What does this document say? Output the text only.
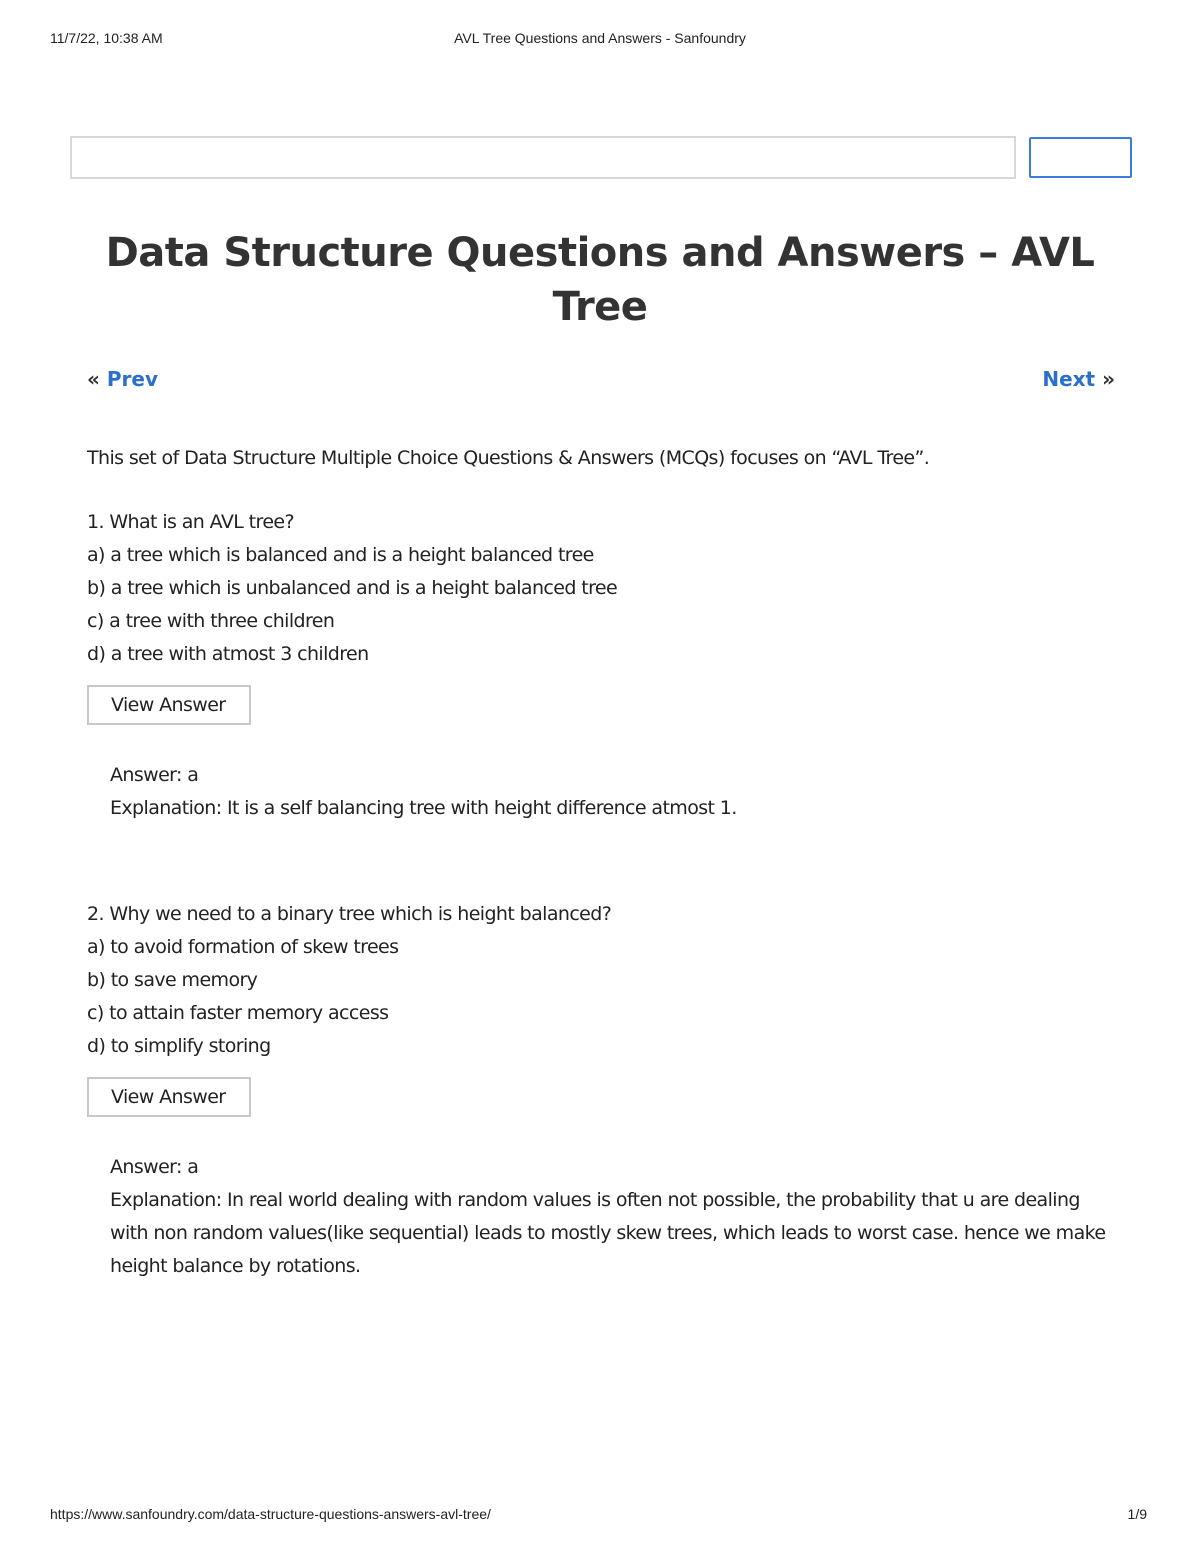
11/7/22, 10:38 AM	AVL Tree Questions and Answers - Sanfoundry
Data Structure Questions and Answers – AVL Tree
« Prev	Next »

This set of Data Structure Multiple Choice Questions & Answers (MCQs) focuses on “AVL Tree”.

1. What is an AVL tree?
a) a tree which is balanced and is a height balanced tree
b) a tree which is unbalanced and is a height balanced tree
c) a tree with three children
d) a tree with atmost 3 children
View Answer
Answer: a
Explanation: It is a self balancing tree with height difference atmost 1.
2. Why we need to a binary tree which is height balanced?
a) to avoid formation of skew trees
b) to save memory
c) to attain faster memory access
d) to simplify storing
View Answer
Answer: a
Explanation: In real world dealing with random values is often not possible, the probability that u are dealing with non random values(like sequential) leads to mostly skew trees, which leads to worst case. hence we make height balance by rotations.
https://www.sanfoundry.com/data-structure-questions-answers-avl-tree/	1/9
